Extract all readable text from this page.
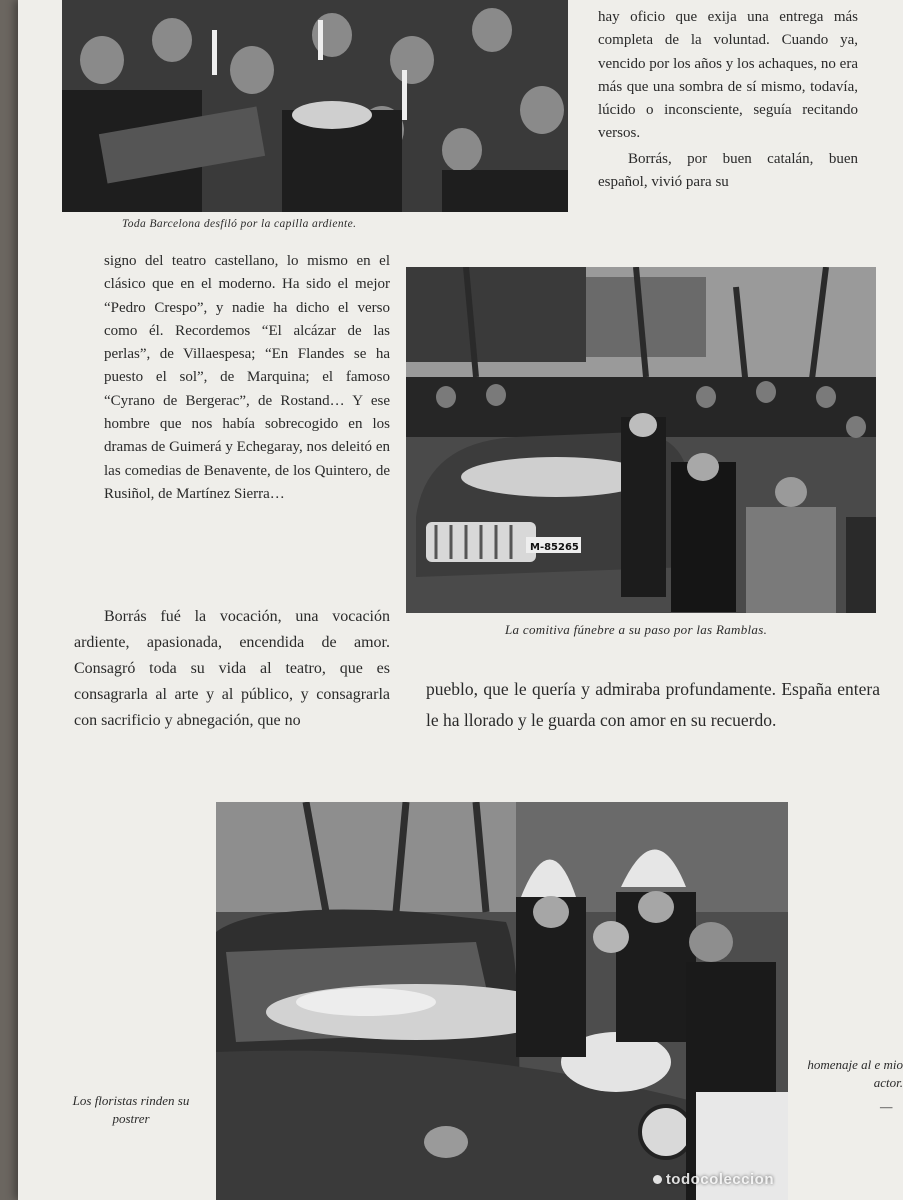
Toda Barcelona desfiló por la capilla ardiente.

hay oficio que exija una entrega más completa de la voluntad. Cuando ya, vencido por los años y los achaques, no era más que una sombra de sí mismo, todavía, lúcido o inconsciente, seguía recitando versos.

Borrás, por buen catalán, buen español, vivió para su

signo del teatro castellano, lo mismo en el clásico que en el moderno. Ha sido el mejor “Pedro Crespo”, y nadie ha dicho el verso como él. Recordemos “El alcázar de las perlas”, de Villaespesa; “En Flandes se ha puesto el sol”, de Marquina; el famoso “Cyrano de Bergerac”, de Rostand… Y ese hombre que nos había sobrecogido en los dramas de Guimerá y Echegaray, nos deleitó en las comedias de Benavente, de los Quintero, de Rusiñol, de Martínez Sierra…

Borrás fué la vocación, una vocación ardiente, apasionada, encendida de amor. Consagró toda su vida al teatro, que es consagrarla al arte y al público, y consagrarla con sacrificio y abnegación, que no

M-85265
La comitiva fúnebre a su paso por las Ramblas.

pueblo, que le quería y admiraba profundamente. España entera le ha llorado y le guarda con amor en su recuerdo.

todocoleccion
Los floristas rinden su postrer
homenaje al e mio actor.
—
